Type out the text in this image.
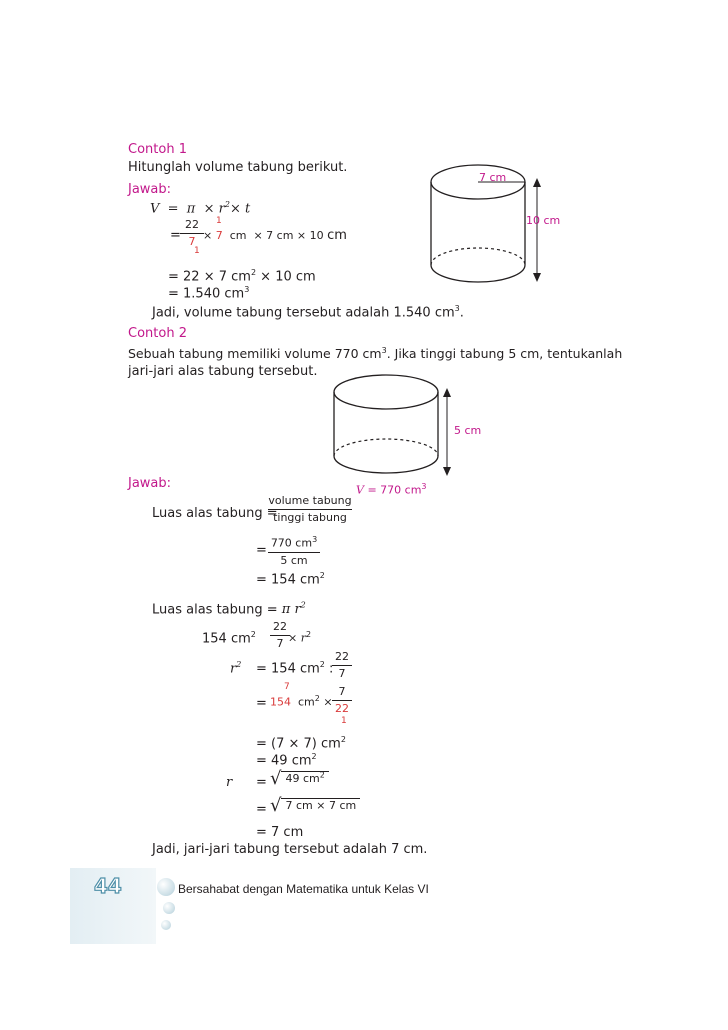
Contoh 1
Hitunglah volume tabung berikut.
Jawab:
$V = \pi \times r^2\times t$
=
22
7 × 7  cm  × 7 cm × 10 cm
1
1
= 22 × 7 $cm^2 \times 10$ cm
= 1.540 $cm^3$
Jadi, volume tabung tersebut adalah 1.540 $cm^3$.
7 cm
10 cm
Contoh 2
Sebuah tabung memiliki volume 770 $cm^3$. Jika tinggi tabung 5 cm, tentukanlah
jari-jari alas tabung tersebut.
5 cm
V = 770 $cm^3$
Jawab:
Luas alas tabung =
volume tabung
tinggi tabung
= 770 $cm^3$
5 cm
= 154 $cm^2$
Luas alas tabung = π $r^2$
154 $cm^2$
22
$7 \times r^2$
$r^2 = 154$ $cm^2$ :
22
7
= 154  $cm^2$ ×
7
22
7
1
= (7 × 7) $cm^2$
= 49 $cm^2$
r = √ 49 $cm^2$
= √ 7 cm × 7 cm
= 7 cm
Jadi, jari-jari tabung tersebut adalah 7 cm.
44	Bersahabat dengan Matematika untuk Kelas VI
